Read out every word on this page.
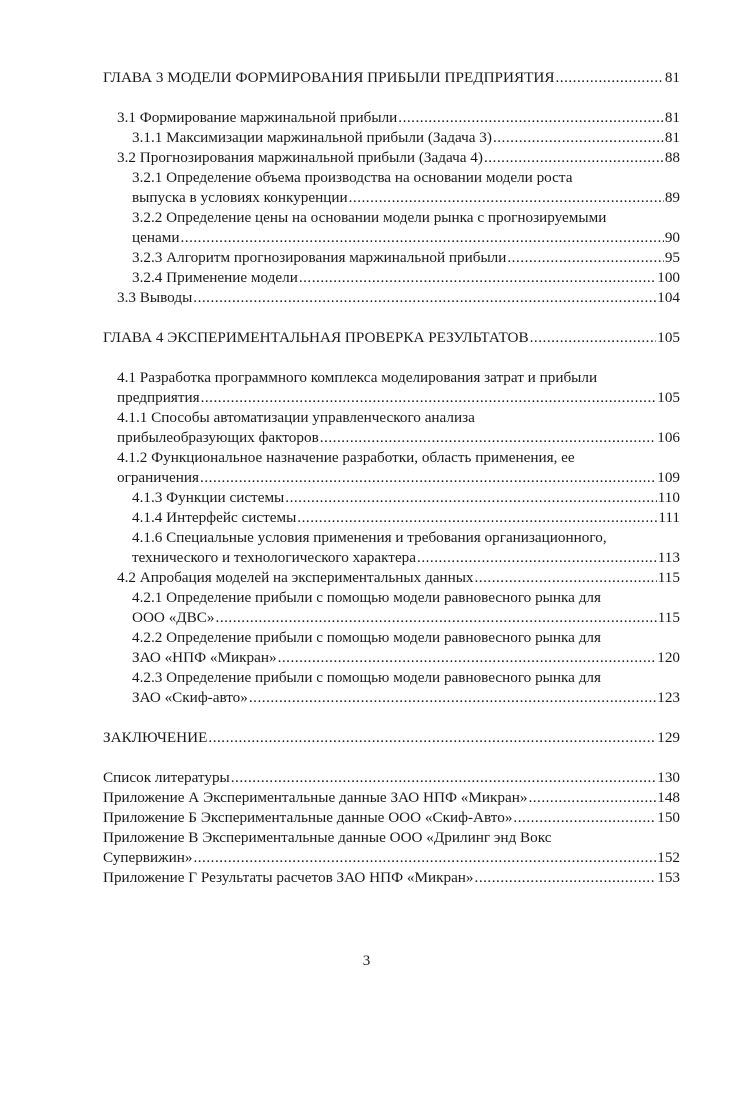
ГЛАВА 3 МОДЕЛИ ФОРМИРОВАНИЯ ПРИБЫЛИ ПРЕДПРИЯТИЯ .....	81
3.1 Формирование маржинальной прибыли .....	81
3.1.1 Максимизации маржинальной прибыли (Задача 3) .....	81
3.2 Прогнозирования маржинальной прибыли (Задача 4) .....	88
3.2.1 Определение объема производства на основании модели роста
выпуска в условиях конкуренции .....	89
3.2.2 Определение цены на основании модели рынка с прогнозируемыми
ценами .....	90
3.2.3 Алгоритм прогнозирования маржинальной прибыли .....	95
3.2.4 Применение модели .....	100
3.3 Выводы .....	104
ГЛАВА 4 ЭКСПЕРИМЕНТАЛЬНАЯ ПРОВЕРКА РЕЗУЛЬТАТОВ .....	105
4.1 Разработка программного комплекса моделирования затрат и прибыли
предприятия .....	105
4.1.1 Способы автоматизации управленческого анализа
прибылеобразующих факторов .....	106
4.1.2 Функциональное назначение разработки, область применения, ее
ограничения .....	109
4.1.3 Функции системы .....	110
4.1.4 Интерфейс системы .....	111
4.1.6 Специальные условия применения и требования организационного,
технического и технологического характера .....	113
4.2 Апробация моделей на экспериментальных данных .....	115
4.2.1 Определение прибыли с помощью модели равновесного рынка для
ООО «ДВС» .....	115
4.2.2 Определение прибыли с помощью модели равновесного рынка для
ЗАО «НПФ «Микран» .....	120
4.2.3 Определение прибыли с помощью модели равновесного рынка для
ЗАО «Скиф-авто» .....	123
ЗАКЛЮЧЕНИЕ .....	129
Список литературы .....	130
Приложение А Экспериментальные данные ЗАО НПФ «Микран» .....	148
Приложение Б Экспериментальные данные ООО «Скиф-Авто» .....	150
Приложение В Экспериментальные данные ООО «Дрилинг энд Вокс
Супервижин» .....	152
Приложение Г Результаты расчетов ЗАО НПФ «Микран» .....	153
3
